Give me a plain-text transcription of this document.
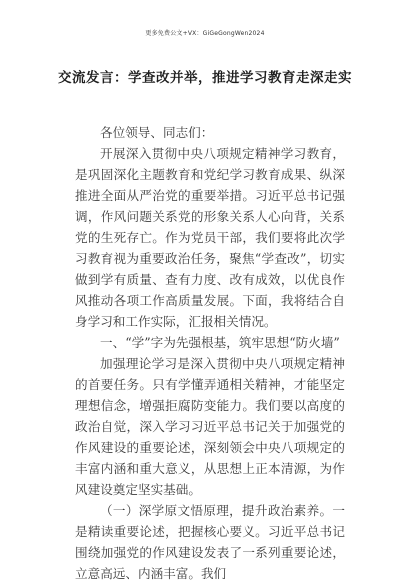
更多免费公文+VX：GiGeGongWen2024
交流发言：学查改并举，推进学习教育走深走实

各位领导、同志们：

开展深入贯彻中央八项规定精神学习教育，是巩固深化主题教育和党纪学习教育成果、纵深推进全面从严治党的重要举措。习近平总书记强调，作风问题关系党的形象关系人心向背，关系党的生死存亡。作为党员干部，我们要将此次学习教育视为重要政治任务，聚焦“学查改”，切实做到学有质量、查有力度、改有成效，以优良作风推动各项工作高质量发展。下面，我将结合自身学习和工作实际，汇报相关情况。

一、“学”字为先强根基，筑牢思想“防火墙”

加强理论学习是深入贯彻中央八项规定精神的首要任务。只有学懂弄通相关精神，才能坚定理想信念，增强拒腐防变能力。我们要以高度的政治自觉，深入学习习近平总书记关于加强党的作风建设的重要论述，深刻领会中央八项规定的丰富内涵和重大意义，从思想上正本清源，为作风建设奠定坚实基础。

（一）深学原文悟原理，提升政治素养。一是精读重要论述，把握核心要义。习近平总书记围绕加强党的作风建设发表了一系列重要论述，立意高远、内涵丰富。我们
